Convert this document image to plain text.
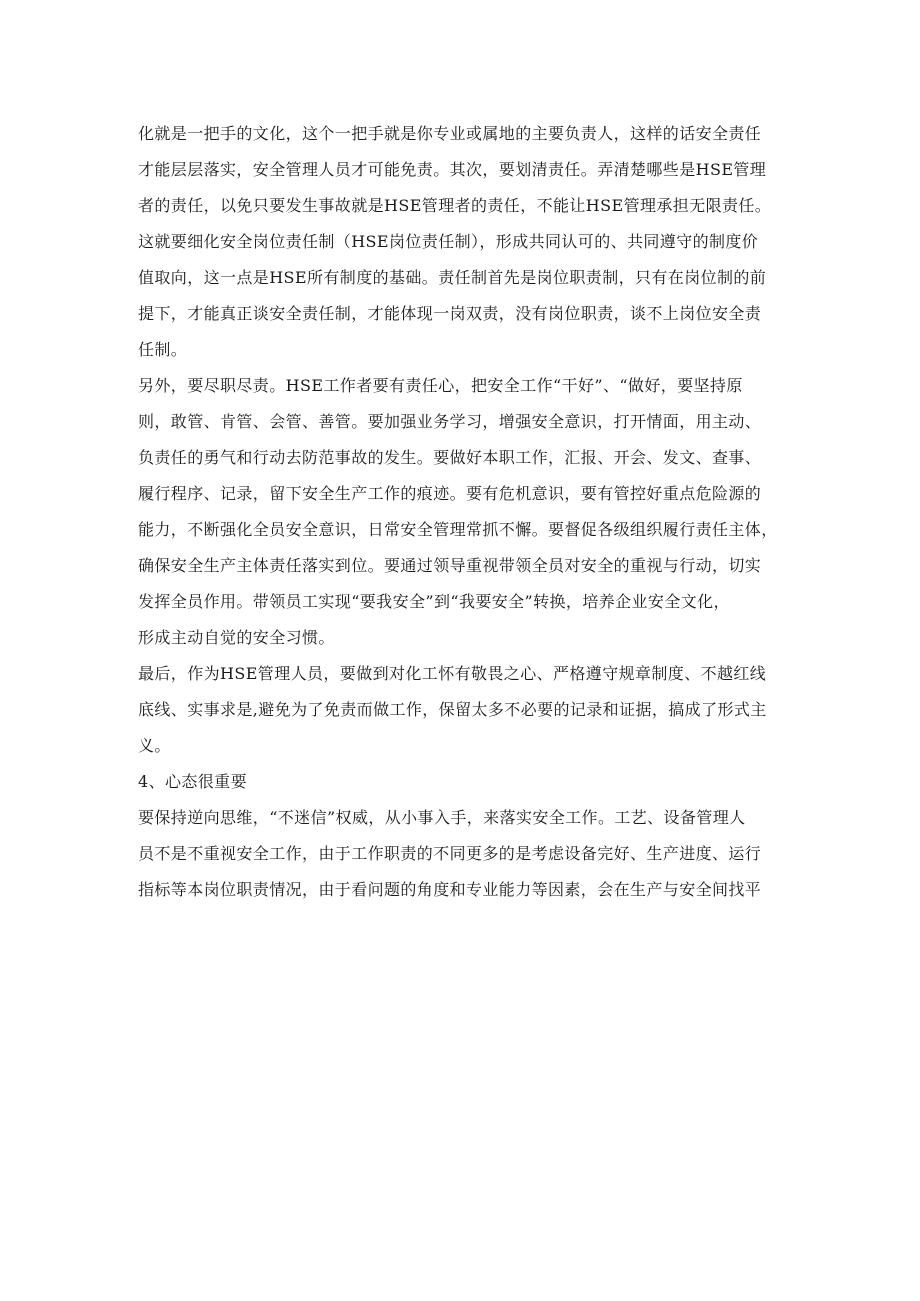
化就是一把手的文化，这个一把手就是你专业或属地的主要负责人，这样的话安全责任

才能层层落实，安全管理人员才可能免责。其次，要划清责任。弄清楚哪些是HSE管理

者的责任，以免只要发生事故就是HSE管理者的责任，不能让HSE管理承担无限责任。

这就要细化安全岗位责任制（HSE岗位责任制），形成共同认可的、共同遵守的制度价

值取向，这一点是HSE所有制度的基础。责任制首先是岗位职责制，只有在岗位制的前

提下，才能真正谈安全责任制，才能体现一岗双责，没有岗位职责，谈不上岗位安全责

任制。

另外，要尽职尽责。HSE工作者要有责任心，把安全工作“干好”、“做好，要坚持原

则，敢管、肯管、会管、善管。要加强业务学习，增强安全意识，打开情面，用主动、

负责任的勇气和行动去防范事故的发生。要做好本职工作，汇报、开会、发文、查事、

履行程序、记录，留下安全生产工作的痕迹。要有危机意识，要有管控好重点危险源的

能力，不断强化全员安全意识，日常安全管理常抓不懈。要督促各级组织履行责任主体，

确保安全生产主体责任落实到位。要通过领导重视带领全员对安全的重视与行动，切实

发挥全员作用。带领员工实现“要我安全”到“我要安全”转换，培养企业安全文化，

形成主动自觉的安全习惯。

最后，作为HSE管理人员，要做到对化工怀有敬畏之心、严格遵守规章制度、不越红线

底线、实事求是,避免为了免责而做工作，保留太多不必要的记录和证据，搞成了形式主

义。

4、心态很重要

要保持逆向思维，“不迷信”权威，从小事入手，来落实安全工作。工艺、设备管理人

员不是不重视安全工作，由于工作职责的不同更多的是考虑设备完好、生产进度、运行

指标等本岗位职责情况，由于看问题的角度和专业能力等因素，会在生产与安全间找平
